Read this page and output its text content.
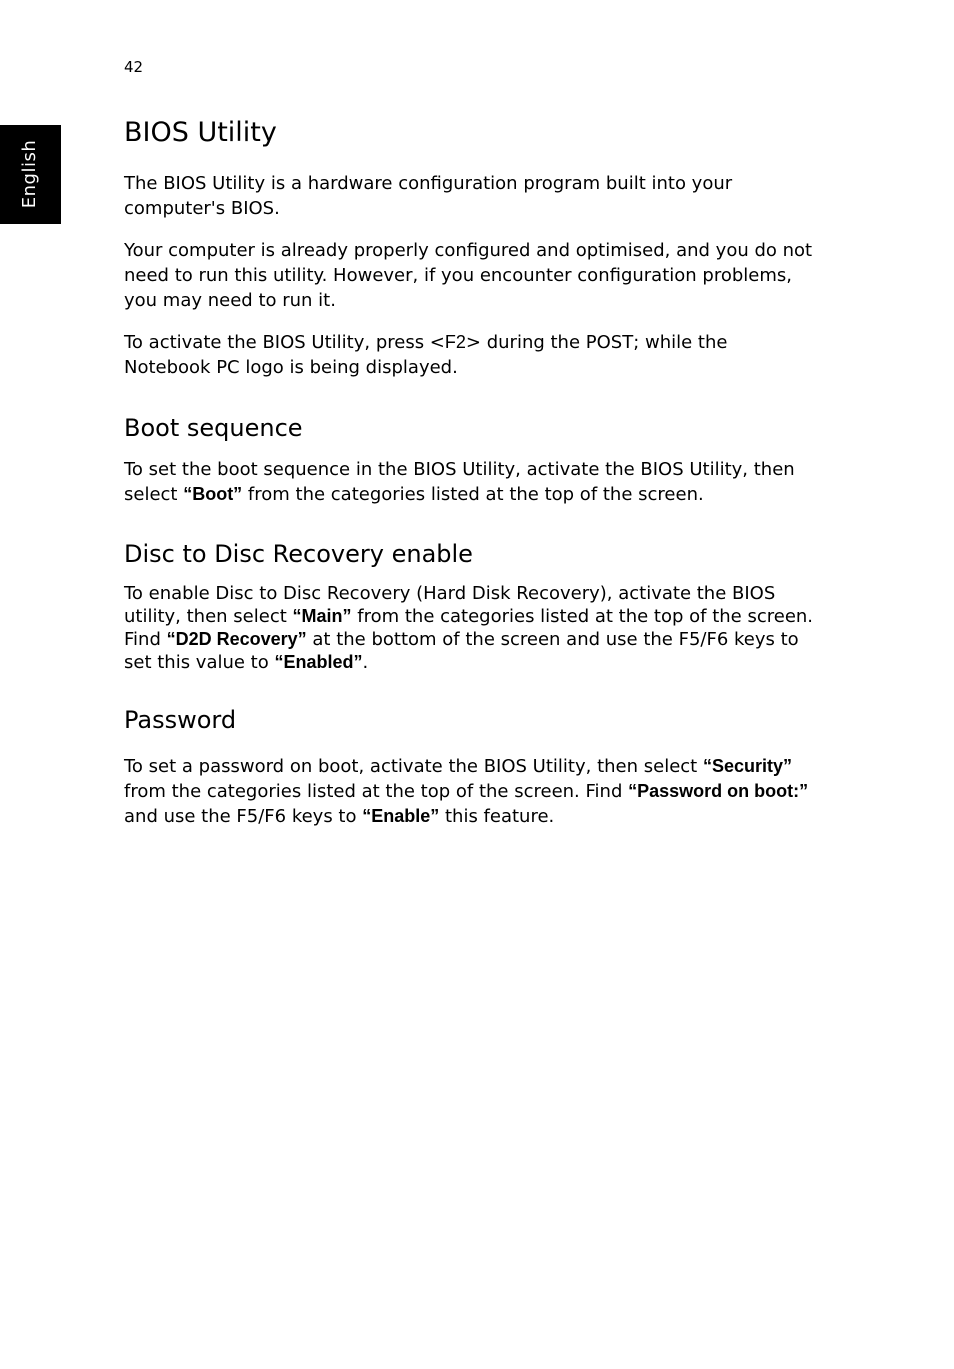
42
English
BIOS Utility

The BIOS Utility is a hardware configuration program built into your computer's BIOS.

Your computer is already properly configured and optimised, and you do not need to run this utility. However, if you encounter configuration problems, you may need to run it.

To activate the BIOS Utility, press <F2> during the POST; while the Notebook PC logo is being displayed.

Boot sequence

To set the boot sequence in the BIOS Utility, activate the BIOS Utility, then select “Boot” from the categories listed at the top of the screen.

Disc to Disc Recovery enable

To enable Disc to Disc Recovery (Hard Disk Recovery), activate the BIOS utility, then select “Main” from the categories listed at the top of the screen. Find “D2D Recovery” at the bottom of the screen and use the F5/F6 keys to set this value to “Enabled”.

Password

To set a password on boot, activate the BIOS Utility, then select “Security” from the categories listed at the top of the screen. Find “Password on boot:” and use the F5/F6 keys to “Enable” this feature.
